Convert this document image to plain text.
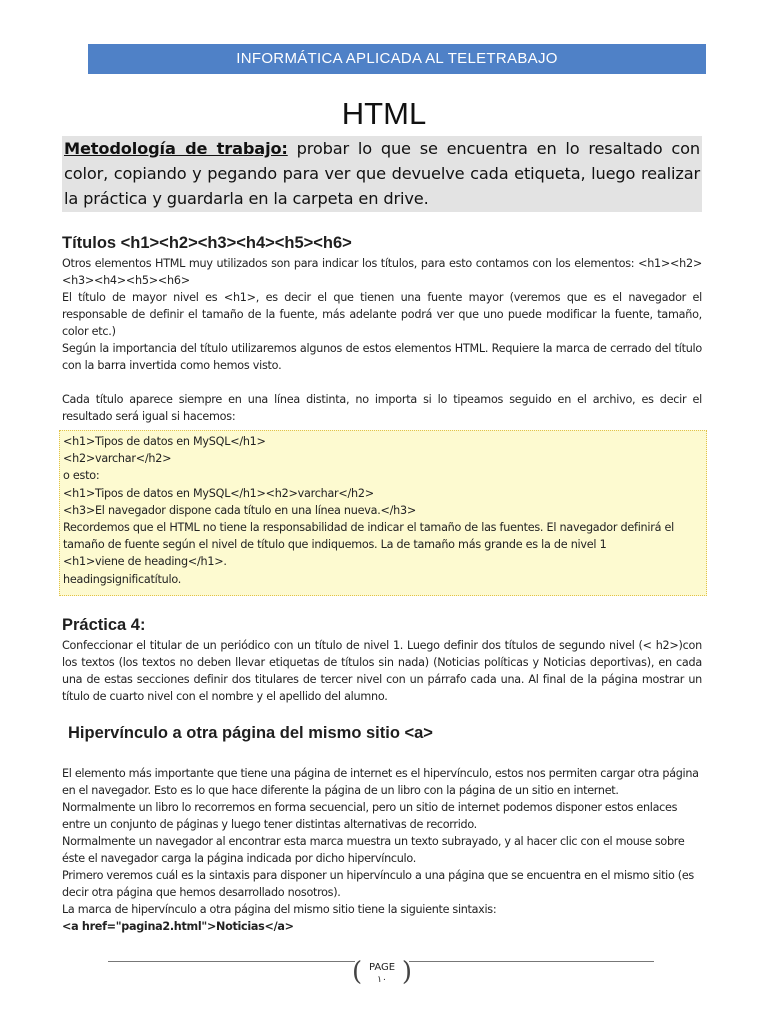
INFORMÁTICA APLICADA AL TELETRABAJO
HTML
Metodología de trabajo: probar lo que se encuentra en lo resaltado con color, copiando y pegando para ver que devuelve cada etiqueta, luego realizar la práctica y guardarla en la carpeta en drive.
Títulos <h1><h2><h3><h4><h5><h6>

Otros elementos HTML muy utilizados son para indicar los títulos, para esto contamos con los elementos: <h1><h2><h3><h4><h5><h6>

El título de mayor nivel es <h1>, es decir el que tienen una fuente mayor (veremos que es el navegador el responsable de definir el tamaño de la fuente, más adelante podrá ver que uno puede modificar la fuente, tamaño, color etc.)

Según la importancia del título utilizaremos algunos de estos elementos HTML. Requiere la marca de cerrado del título con la barra invertida como hemos visto.

Cada título aparece siempre en una línea distinta, no importa si lo tipeamos seguido en el archivo, es decir el resultado será igual si hacemos:

<h1>Tipos de datos en MySQL</h1>
<h2>varchar</h2>
o esto:
<h1>Tipos de datos en MySQL</h1><h2>varchar</h2>
<h3>El navegador dispone cada título en una línea nueva.</h3>
Recordemos que el HTML no tiene la responsabilidad de indicar el tamaño de las fuentes. El navegador definirá el tamaño de fuente según el nivel de título que indiquemos. La de tamaño más grande es la de nivel 1
<h1>viene de heading</h1>.
headingsignificatítulo.
Práctica 4:

Confeccionar el titular de un periódico con un título de nivel 1. Luego definir dos títulos de segundo nivel (< h2>)con los textos (los textos no deben llevar etiquetas de títulos sin nada) (Noticias políticas y Noticias deportivas), en cada una de estas secciones definir dos titulares de tercer nivel con un párrafo cada una. Al final de la página mostrar un título de cuarto nivel con el nombre y el apellido del alumno.

Hipervínculo a otra página del mismo sitio <a>

El elemento más importante que tiene una página de internet es el hipervínculo, estos nos permiten cargar otra página en el navegador. Esto es lo que hace diferente la página de un libro con la página de un sitio en internet.

Normalmente un libro lo recorremos en forma secuencial, pero un sitio de internet podemos disponer estos enlaces entre un conjunto de páginas y luego tener distintas alternativas de recorrido.

Normalmente un navegador al encontrar esta marca muestra un texto subrayado, y al hacer clic con el mouse sobre éste el navegador carga la página indicada por dicho hipervínculo.

Primero veremos cuál es la sintaxis para disponer un hipervínculo a una página que se encuentra en el mismo sitio (es decir otra página que hemos desarrollado nosotros).

La marca de hipervínculo a otra página del mismo sitio tiene la siguiente sintaxis:

<a href="pagina2.html">Noticias</a>

( PAGE
١٠ )
